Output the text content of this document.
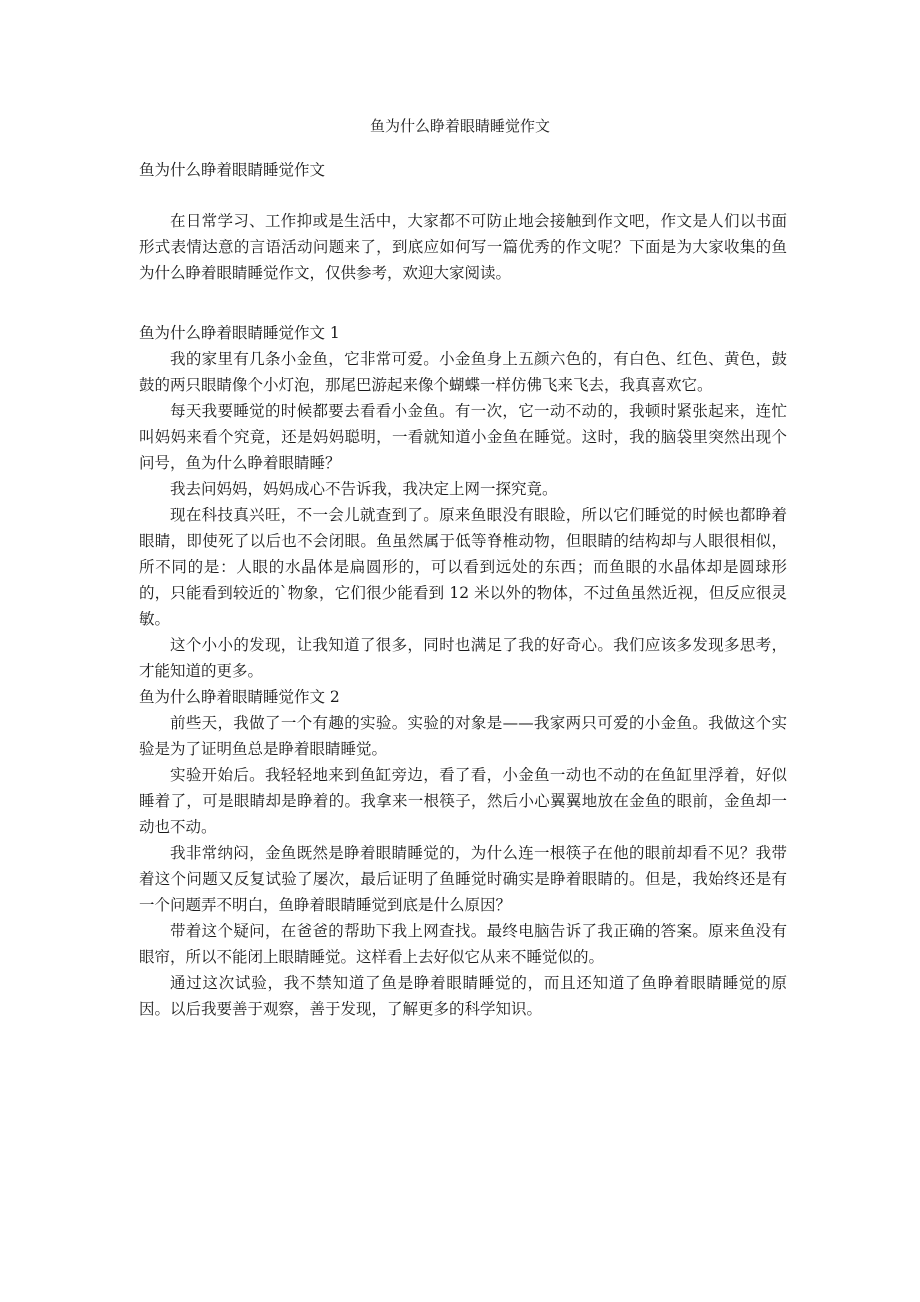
鱼为什么睁着眼睛睡觉作文
鱼为什么睁着眼睛睡觉作文

在日常学习、工作抑或是生活中，大家都不可防止地会接触到作文吧，作文是人们以书面形式表情达意的言语活动问题来了，到底应如何写一篇优秀的作文呢？下面是为大家收集的鱼为什么睁着眼睛睡觉作文，仅供参考，欢迎大家阅读。

鱼为什么睁着眼睛睡觉作文 1

我的家里有几条小金鱼，它非常可爱。小金鱼身上五颜六色的，有白色、红色、黄色，鼓鼓的两只眼睛像个小灯泡，那尾巴游起来像个蝴蝶一样仿佛飞来飞去，我真喜欢它。

每天我要睡觉的时候都要去看看小金鱼。有一次，它一动不动的，我顿时紧张起来，连忙叫妈妈来看个究竟，还是妈妈聪明，一看就知道小金鱼在睡觉。这时，我的脑袋里突然出现个问号，鱼为什么睁着眼睛睡？

我去问妈妈，妈妈成心不告诉我，我决定上网一探究竟。

现在科技真兴旺，不一会儿就查到了。原来鱼眼没有眼睑，所以它们睡觉的时候也都睁着眼睛，即使死了以后也不会闭眼。鱼虽然属于低等脊椎动物，但眼睛的结构却与人眼很相似，所不同的是：人眼的水晶体是扁圆形的，可以看到远处的东西；而鱼眼的水晶体却是圆球形的，只能看到较近的`物象，它们很少能看到 12 米以外的物体，不过鱼虽然近视，但反应很灵敏。

这个小小的发现，让我知道了很多，同时也满足了我的好奇心。我们应该多发现多思考，才能知道的更多。

鱼为什么睁着眼睛睡觉作文 2

前些天，我做了一个有趣的实验。实验的对象是——我家两只可爱的小金鱼。我做这个实验是为了证明鱼总是睁着眼睛睡觉。

实验开始后。我轻轻地来到鱼缸旁边，看了看，小金鱼一动也不动的在鱼缸里浮着，好似睡着了，可是眼睛却是睁着的。我拿来一根筷子，然后小心翼翼地放在金鱼的眼前，金鱼却一动也不动。

我非常纳闷，金鱼既然是睁着眼睛睡觉的，为什么连一根筷子在他的眼前却看不见？我带着这个问题又反复试验了屡次，最后证明了鱼睡觉时确实是睁着眼睛的。但是，我始终还是有一个问题弄不明白，鱼睁着眼睛睡觉到底是什么原因？

带着这个疑问，在爸爸的帮助下我上网查找。最终电脑告诉了我正确的答案。原来鱼没有眼帘，所以不能闭上眼睛睡觉。这样看上去好似它从来不睡觉似的。

通过这次试验，我不禁知道了鱼是睁着眼睛睡觉的，而且还知道了鱼睁着眼睛睡觉的原因。以后我要善于观察，善于发现，了解更多的科学知识。
